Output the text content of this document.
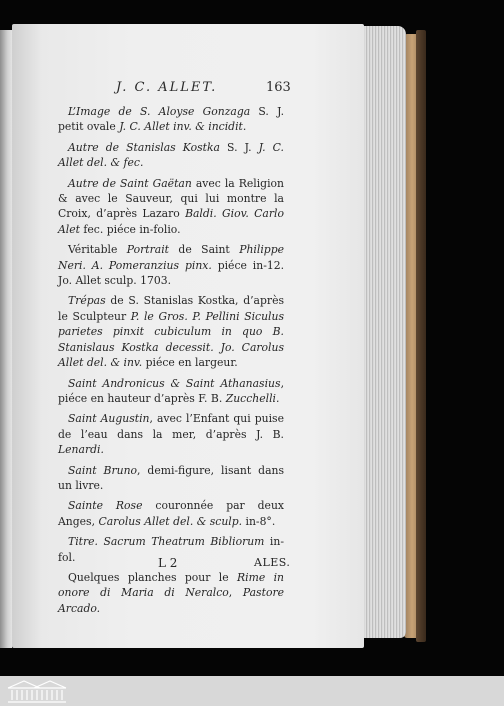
J. C. ALLET.	163

L’Image de S. Aloyse Gonzaga S. J. petit ovale J. C. Allet inv. & incidit.

Autre de Stanislas Kostka S. J. J. C. Allet del. & fec.

Autre de Saint Gaëtan avec la Religion & avec le Sauveur, qui lui montre la Croix, d’après Lazaro Baldi. Giov. Carlo Alet fec. piéce in-folio.

Véritable Portrait de Saint Philippe Neri. A. Pomeranzius pinx. piéce in-12. Jo. Allet sculp. 1703.

Trépas de S. Stanislas Kostka, d’après le Sculpteur P. le Gros. P. Pellini Siculus parietes pinxit cubiculum in quo B. Stanislaus Kostka decessit. Jo. Carolus Allet del. & inv. piéce en largeur.

Saint Andronicus & Saint Athanasius, piéce en hauteur d’après F. B. Zucchelli.

Saint Augustin, avec l’Enfant qui puise de l’eau dans la mer, d’après J. B. Lenardi.

Saint Bruno, demi-figure, lisant dans un livre.

Sainte Rose couronnée par deux Anges, Carolus Allet del. & sculp. in-8°.

Titre. Sacrum Theatrum Bibliorum in-fol.

Quelques planches pour le Rime in onore di Maria di Neralco, Pastore Arcado.

L 2	ALES.
